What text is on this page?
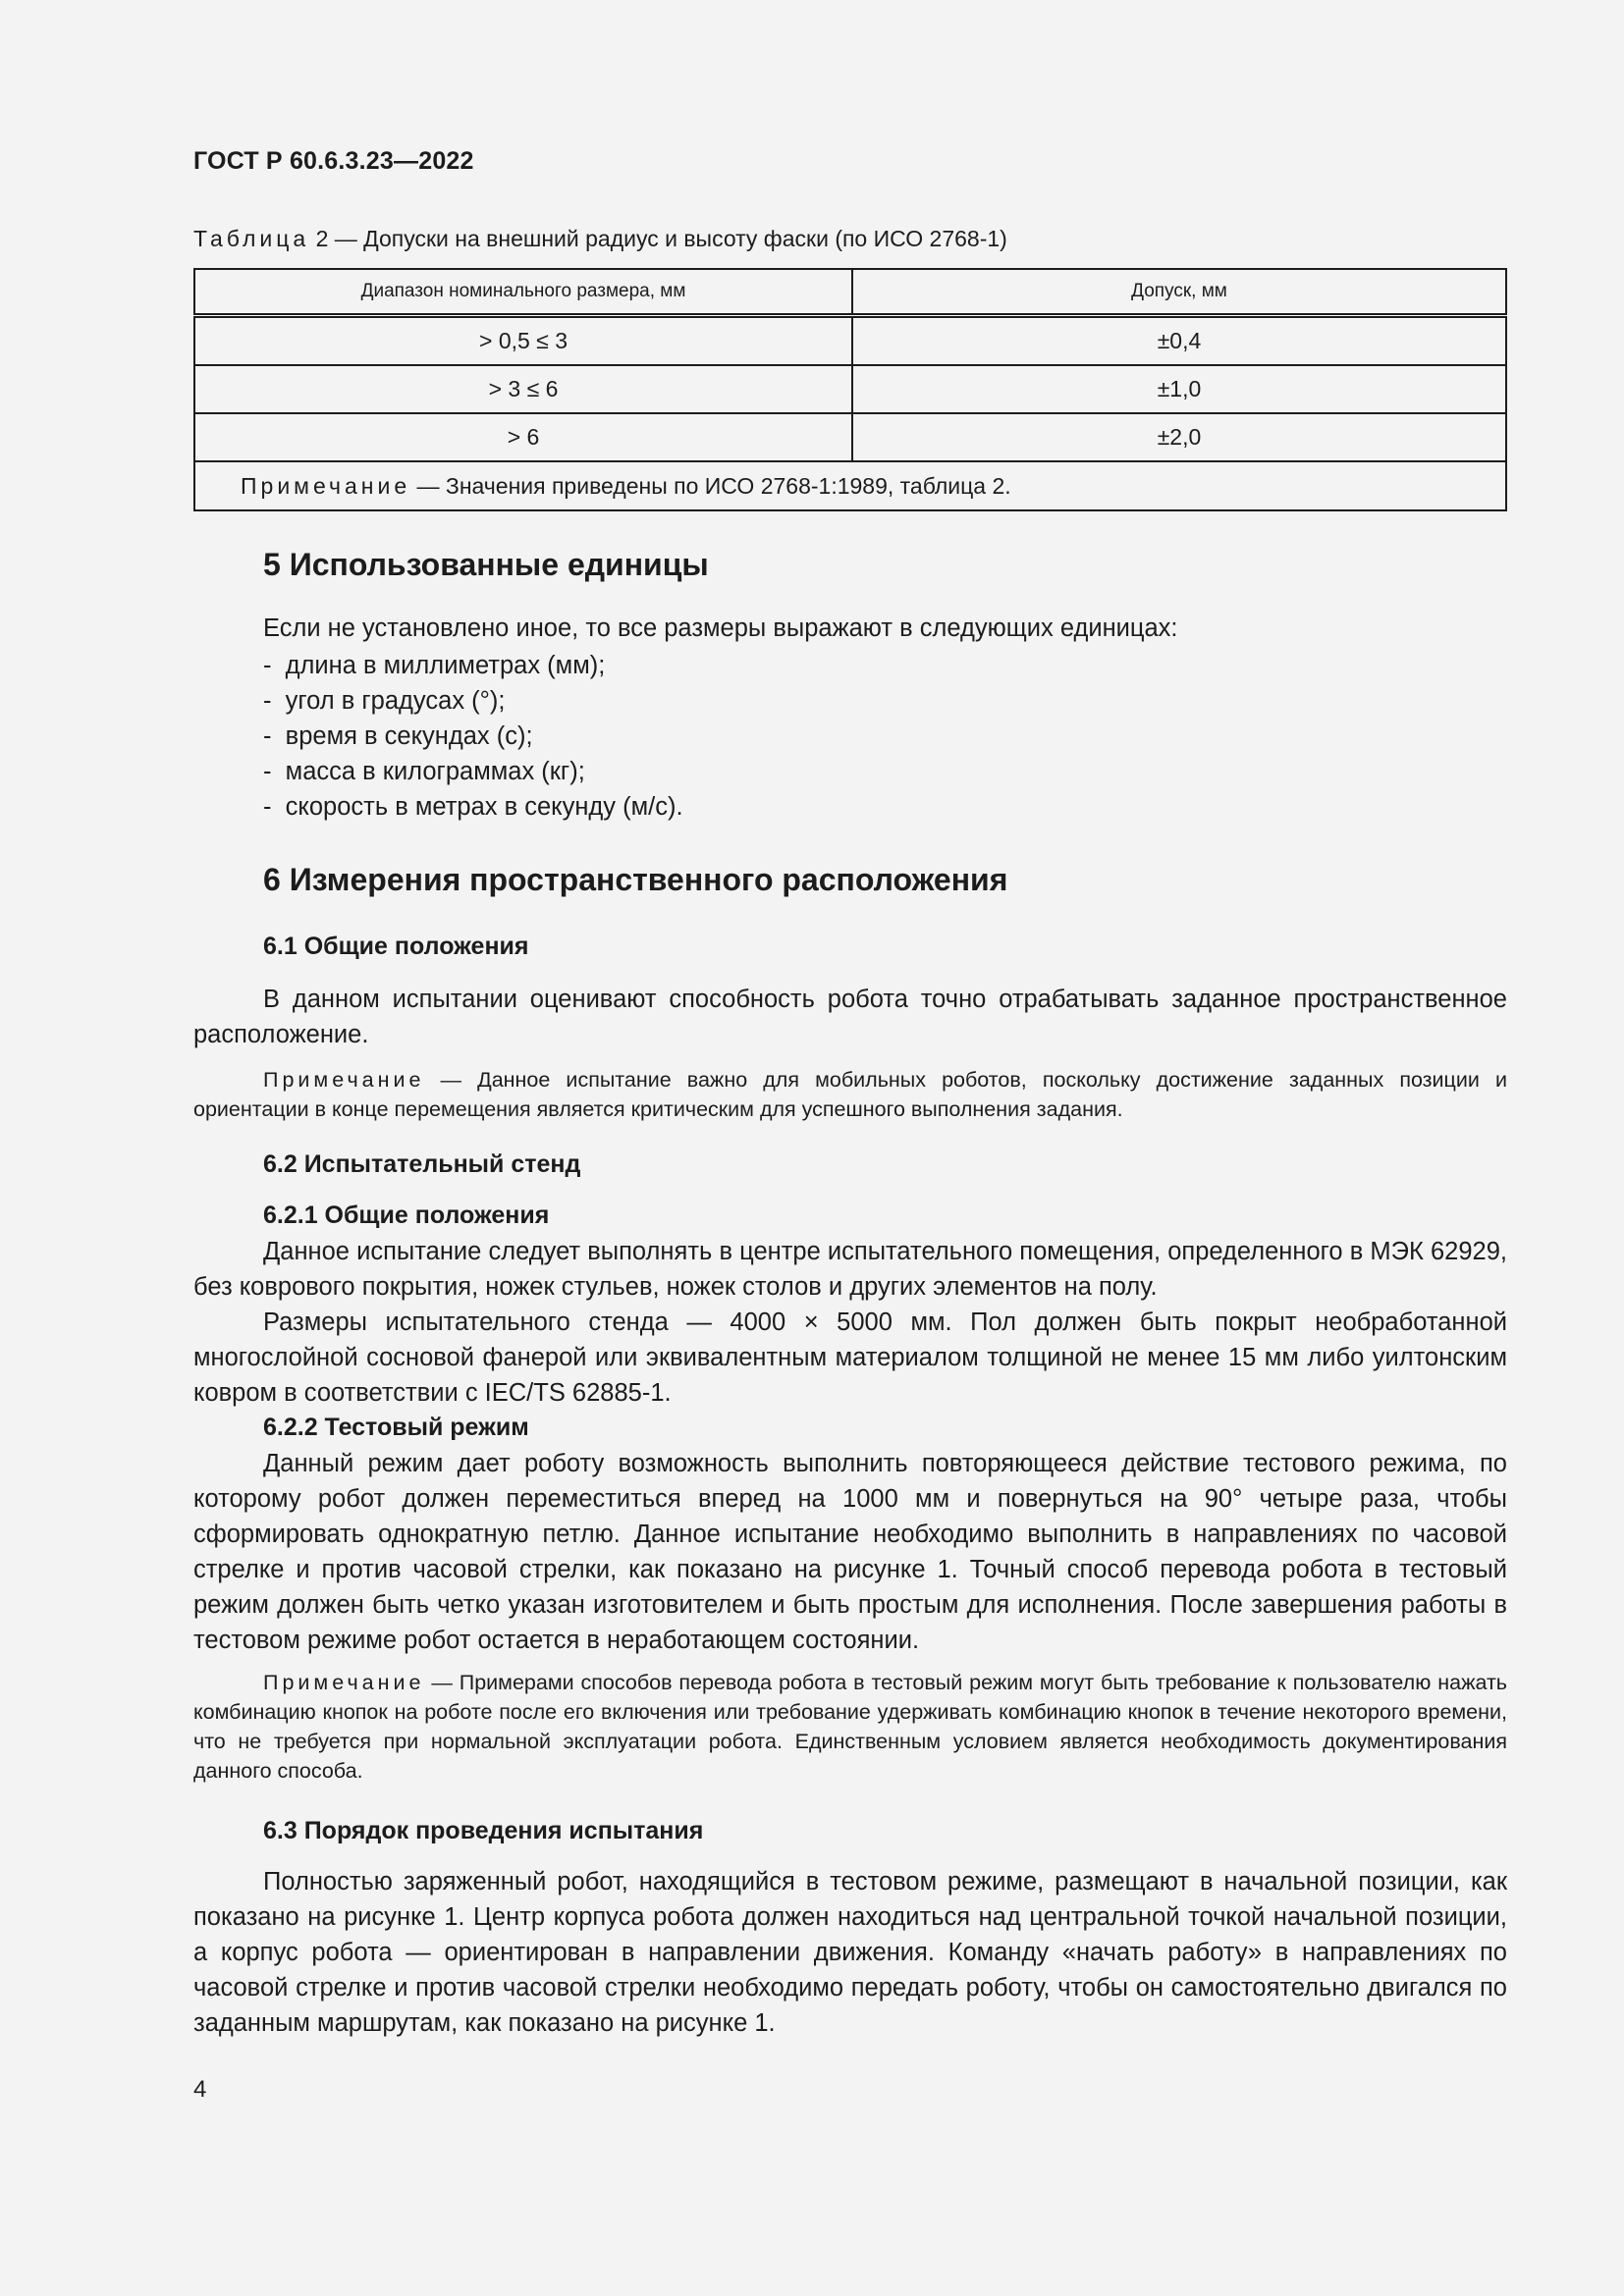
ГОСТ Р 60.6.3.23—2022

Таблица 2 — Допуски на внешний радиус и высоту фаски (по ИСО 2768-1)

Диапазон номинального размера, мм	Допуск, мм
> 0,5 ≤ 3	±0,4
> 3 ≤ 6	±1,0
> 6	±2,0
Примечание — Значения приведены по ИСО 2768-1:1989, таблица 2.	
5 Использованные единицы

Если не установлено иное, то все размеры выражают в следующих единицах:

- длина в миллиметрах (мм);
- угол в градусах (°);
- время в секундах (с);
- масса в килограммах (кг);
- скорость в метрах в секунду (м/с).
6 Измерения пространственного расположения
6.1 Общие положения

В данном испытании оценивают способность робота точно отрабатывать заданное пространственное расположение.

Примечание — Данное испытание важно для мобильных роботов, поскольку достижение заданных позиции и ориентации в конце перемещения является критическим для успешного выполнения задания.

6.2 Испытательный стенд
6.2.1 Общие положения

Данное испытание следует выполнять в центре испытательного помещения, определенного в МЭК 62929, без коврового покрытия, ножек стульев, ножек столов и других элементов на полу.

Размеры испытательного стенда — 4000 × 5000 мм. Пол должен быть покрыт необработанной многослойной сосновой фанерой или эквивалентным материалом толщиной не менее 15 мм либо уилтонским ковром в соответствии с IEC/TS 62885-1.

6.2.2 Тестовый режим

Данный режим дает роботу возможность выполнить повторяющееся действие тестового режима, по которому робот должен переместиться вперед на 1000 мм и повернуться на 90° четыре раза, чтобы сформировать однократную петлю. Данное испытание необходимо выполнить в направлениях по часовой стрелке и против часовой стрелки, как показано на рисунке 1. Точный способ перевода робота в тестовый режим должен быть четко указан изготовителем и быть простым для исполнения. После завершения работы в тестовом режиме робот остается в неработающем состоянии.

Примечание — Примерами способов перевода робота в тестовый режим могут быть требование к пользователю нажать комбинацию кнопок на роботе после его включения или требование удерживать комбинацию кнопок в течение некоторого времени, что не требуется при нормальной эксплуатации робота. Единственным условием является необходимость документирования данного способа.

6.3 Порядок проведения испытания

Полностью заряженный робот, находящийся в тестовом режиме, размещают в начальной позиции, как показано на рисунке 1. Центр корпуса робота должен находиться над центральной точкой начальной позиции, а корпус робота — ориентирован в направлении движения. Команду «начать работу» в направлениях по часовой стрелке и против часовой стрелки необходимо передать роботу, чтобы он самостоятельно двигался по заданным маршрутам, как показано на рисунке 1.

4
